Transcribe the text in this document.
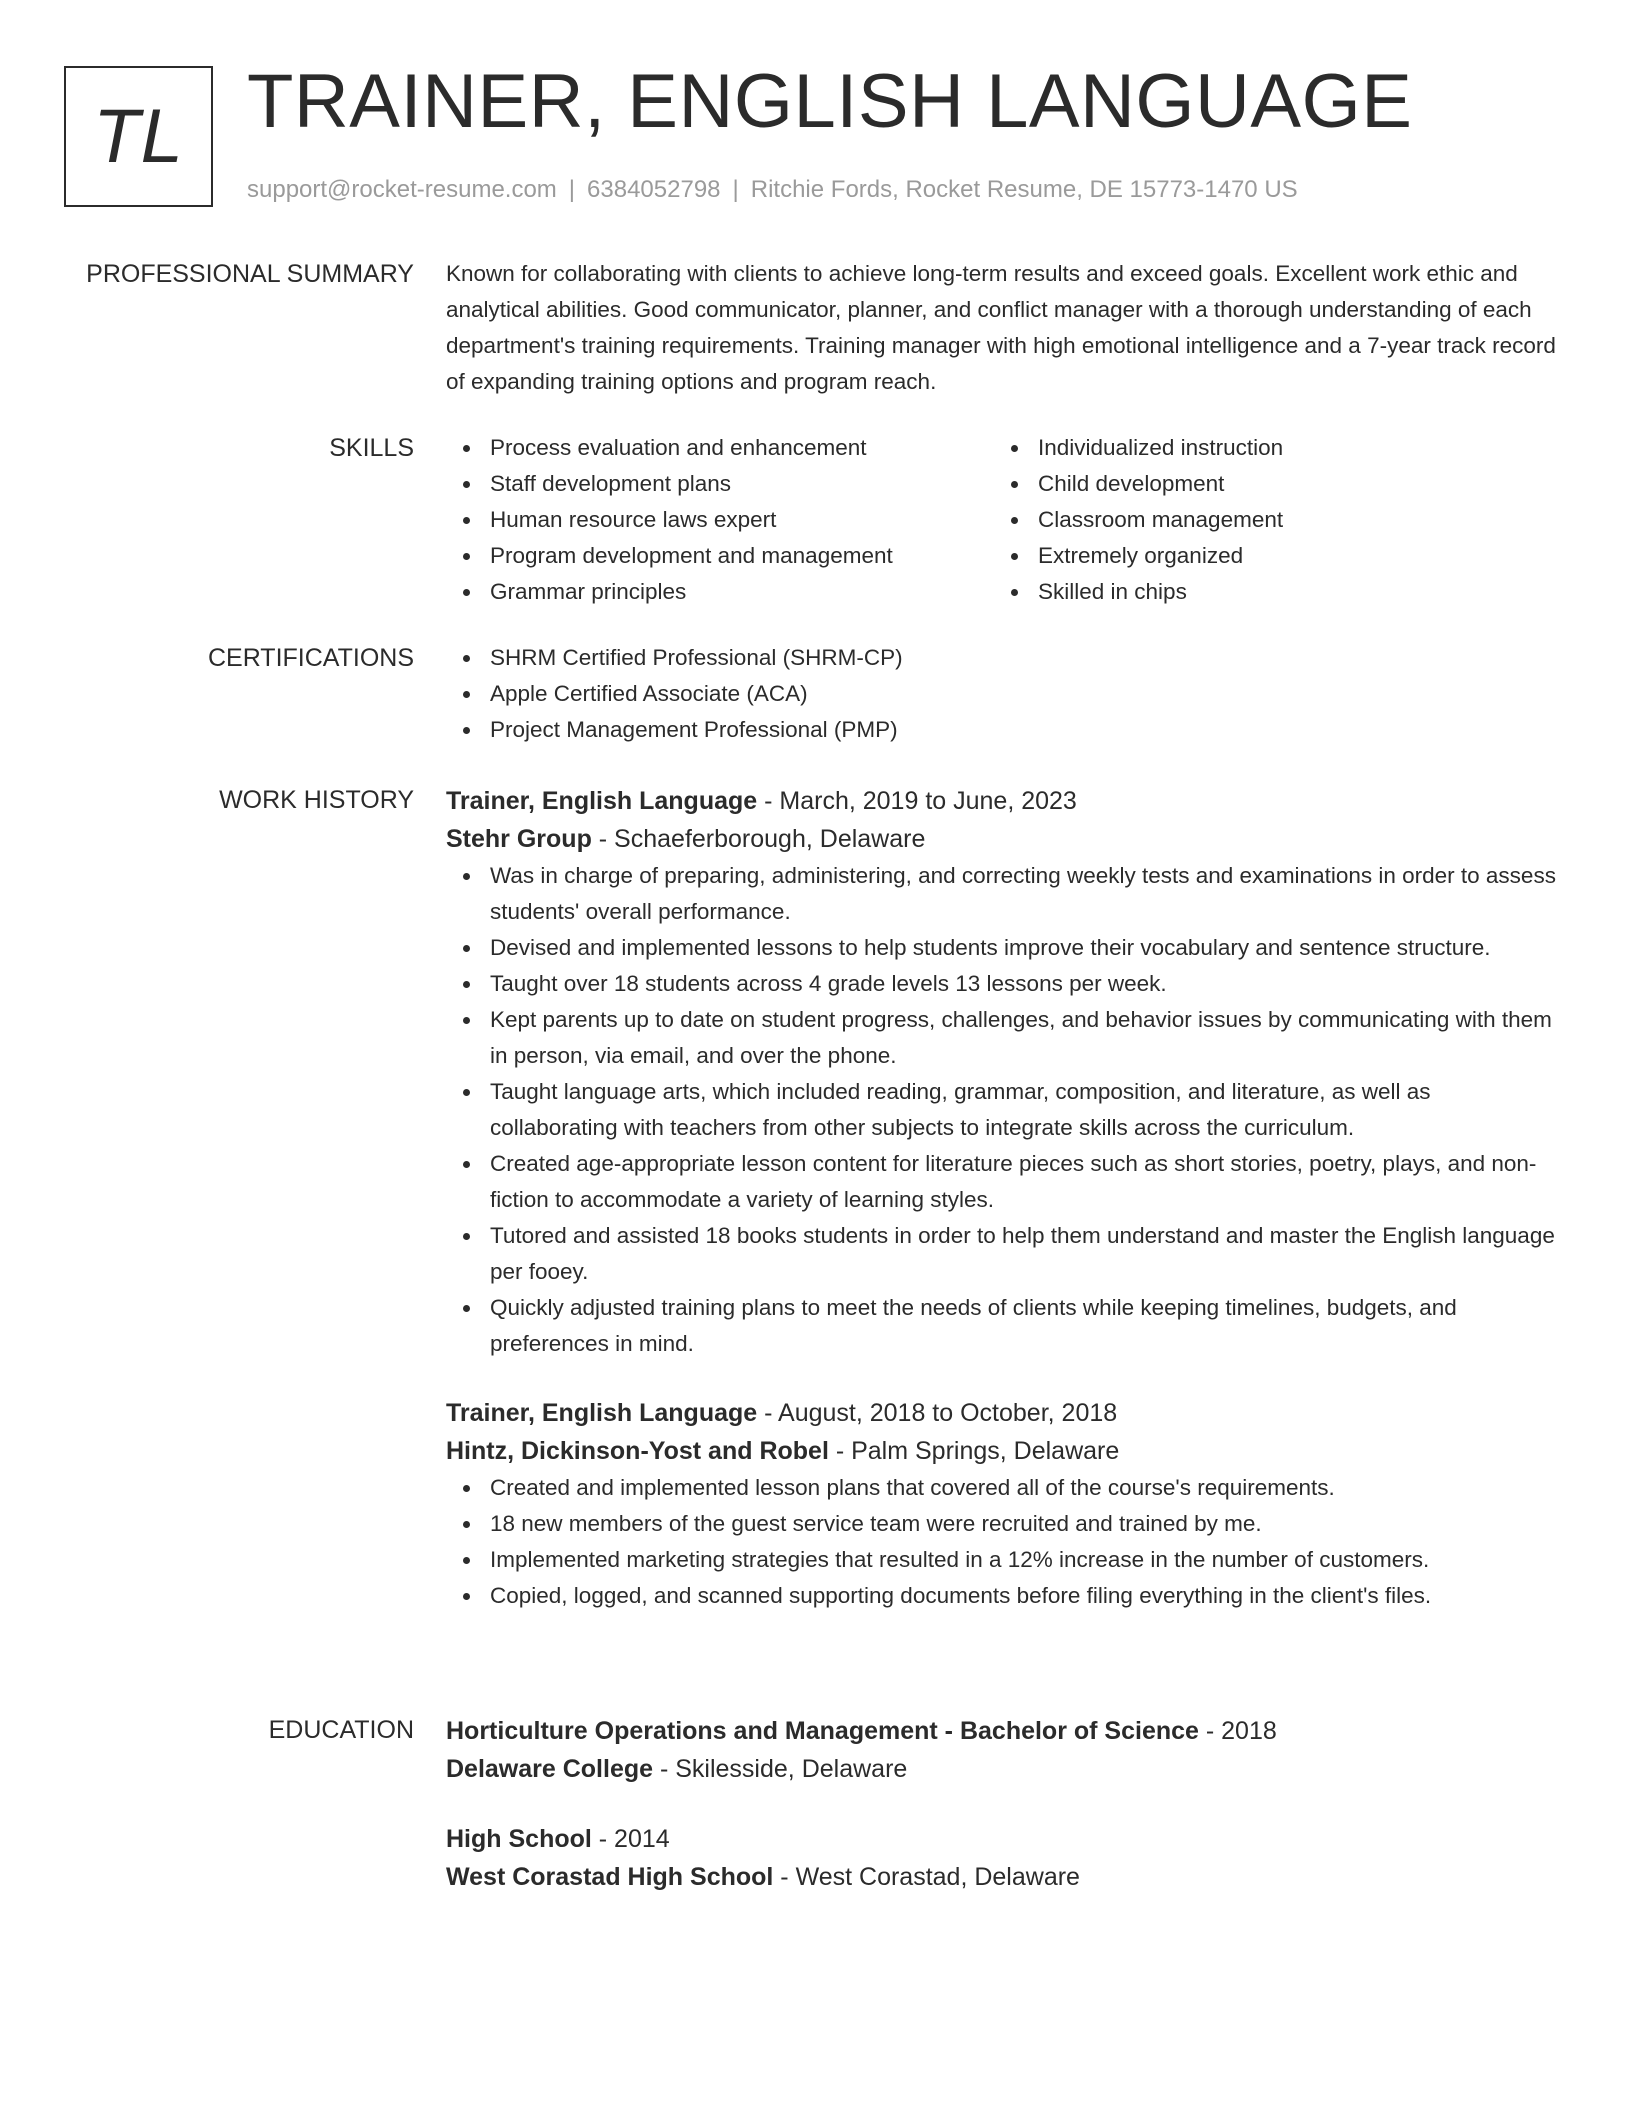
TL TRAINER, ENGLISH LANGUAGE
support@rocket-resume.com | 6384052798 | Ritchie Fords, Rocket Resume, DE 15773-1470 US
PROFESSIONAL SUMMARY Known for collaborating with clients to achieve long-term results and exceed goals. Excellent work ethic and analytical abilities. Good communicator, planner, and conflict manager with a thorough understanding of each department's training requirements. Training manager with high emotional intelligence and a 7-year track record of expanding training options and program reach.

SKILLS	Process evaluation and enhancement
Staff development plans
Human resource laws expert
Program development and management
Grammar principles
Individualized instruction
Child development
Classroom management
Extremely organized
Skilled in chips
CERTIFICATIONS	SHRM Certified Professional (SHRM-CP)
Apple Certified Associate (ACA)
Project Management Professional (PMP)
WORK HISTORY Trainer, English Language - March, 2019 to June, 2023
Stehr Group - Schaeferborough, Delaware
Was in charge of preparing, administering, and correcting weekly tests and examinations in order to assess students' overall performance.
Devised and implemented lessons to help students improve their vocabulary and sentence structure.
Taught over 18 students across 4 grade levels 13 lessons per week.
Kept parents up to date on student progress, challenges, and behavior issues by communicating with them in person, via email, and over the phone.
Taught language arts, which included reading, grammar, composition, and literature, as well as collaborating with teachers from other subjects to integrate skills across the curriculum.
Created age-appropriate lesson content for literature pieces such as short stories, poetry, plays, and non-fiction to accommodate a variety of learning styles.
Tutored and assisted 18 books students in order to help them understand and master the English language per fooey.
Quickly adjusted training plans to meet the needs of clients while keeping timelines, budgets, and preferences in mind.
Trainer, English Language - August, 2018 to October, 2018
Hintz, Dickinson-Yost and Robel - Palm Springs, Delaware
Created and implemented lesson plans that covered all of the course's requirements.
18 new members of the guest service team were recruited and trained by me.
Implemented marketing strategies that resulted in a 12% increase in the number of customers.
Copied, logged, and scanned supporting documents before filing everything in the client's files.
EDUCATION Horticulture Operations and Management - Bachelor of Science - 2018
Delaware College - Skilesside, Delaware
High School - 2014
West Corastad High School - West Corastad, Delaware
